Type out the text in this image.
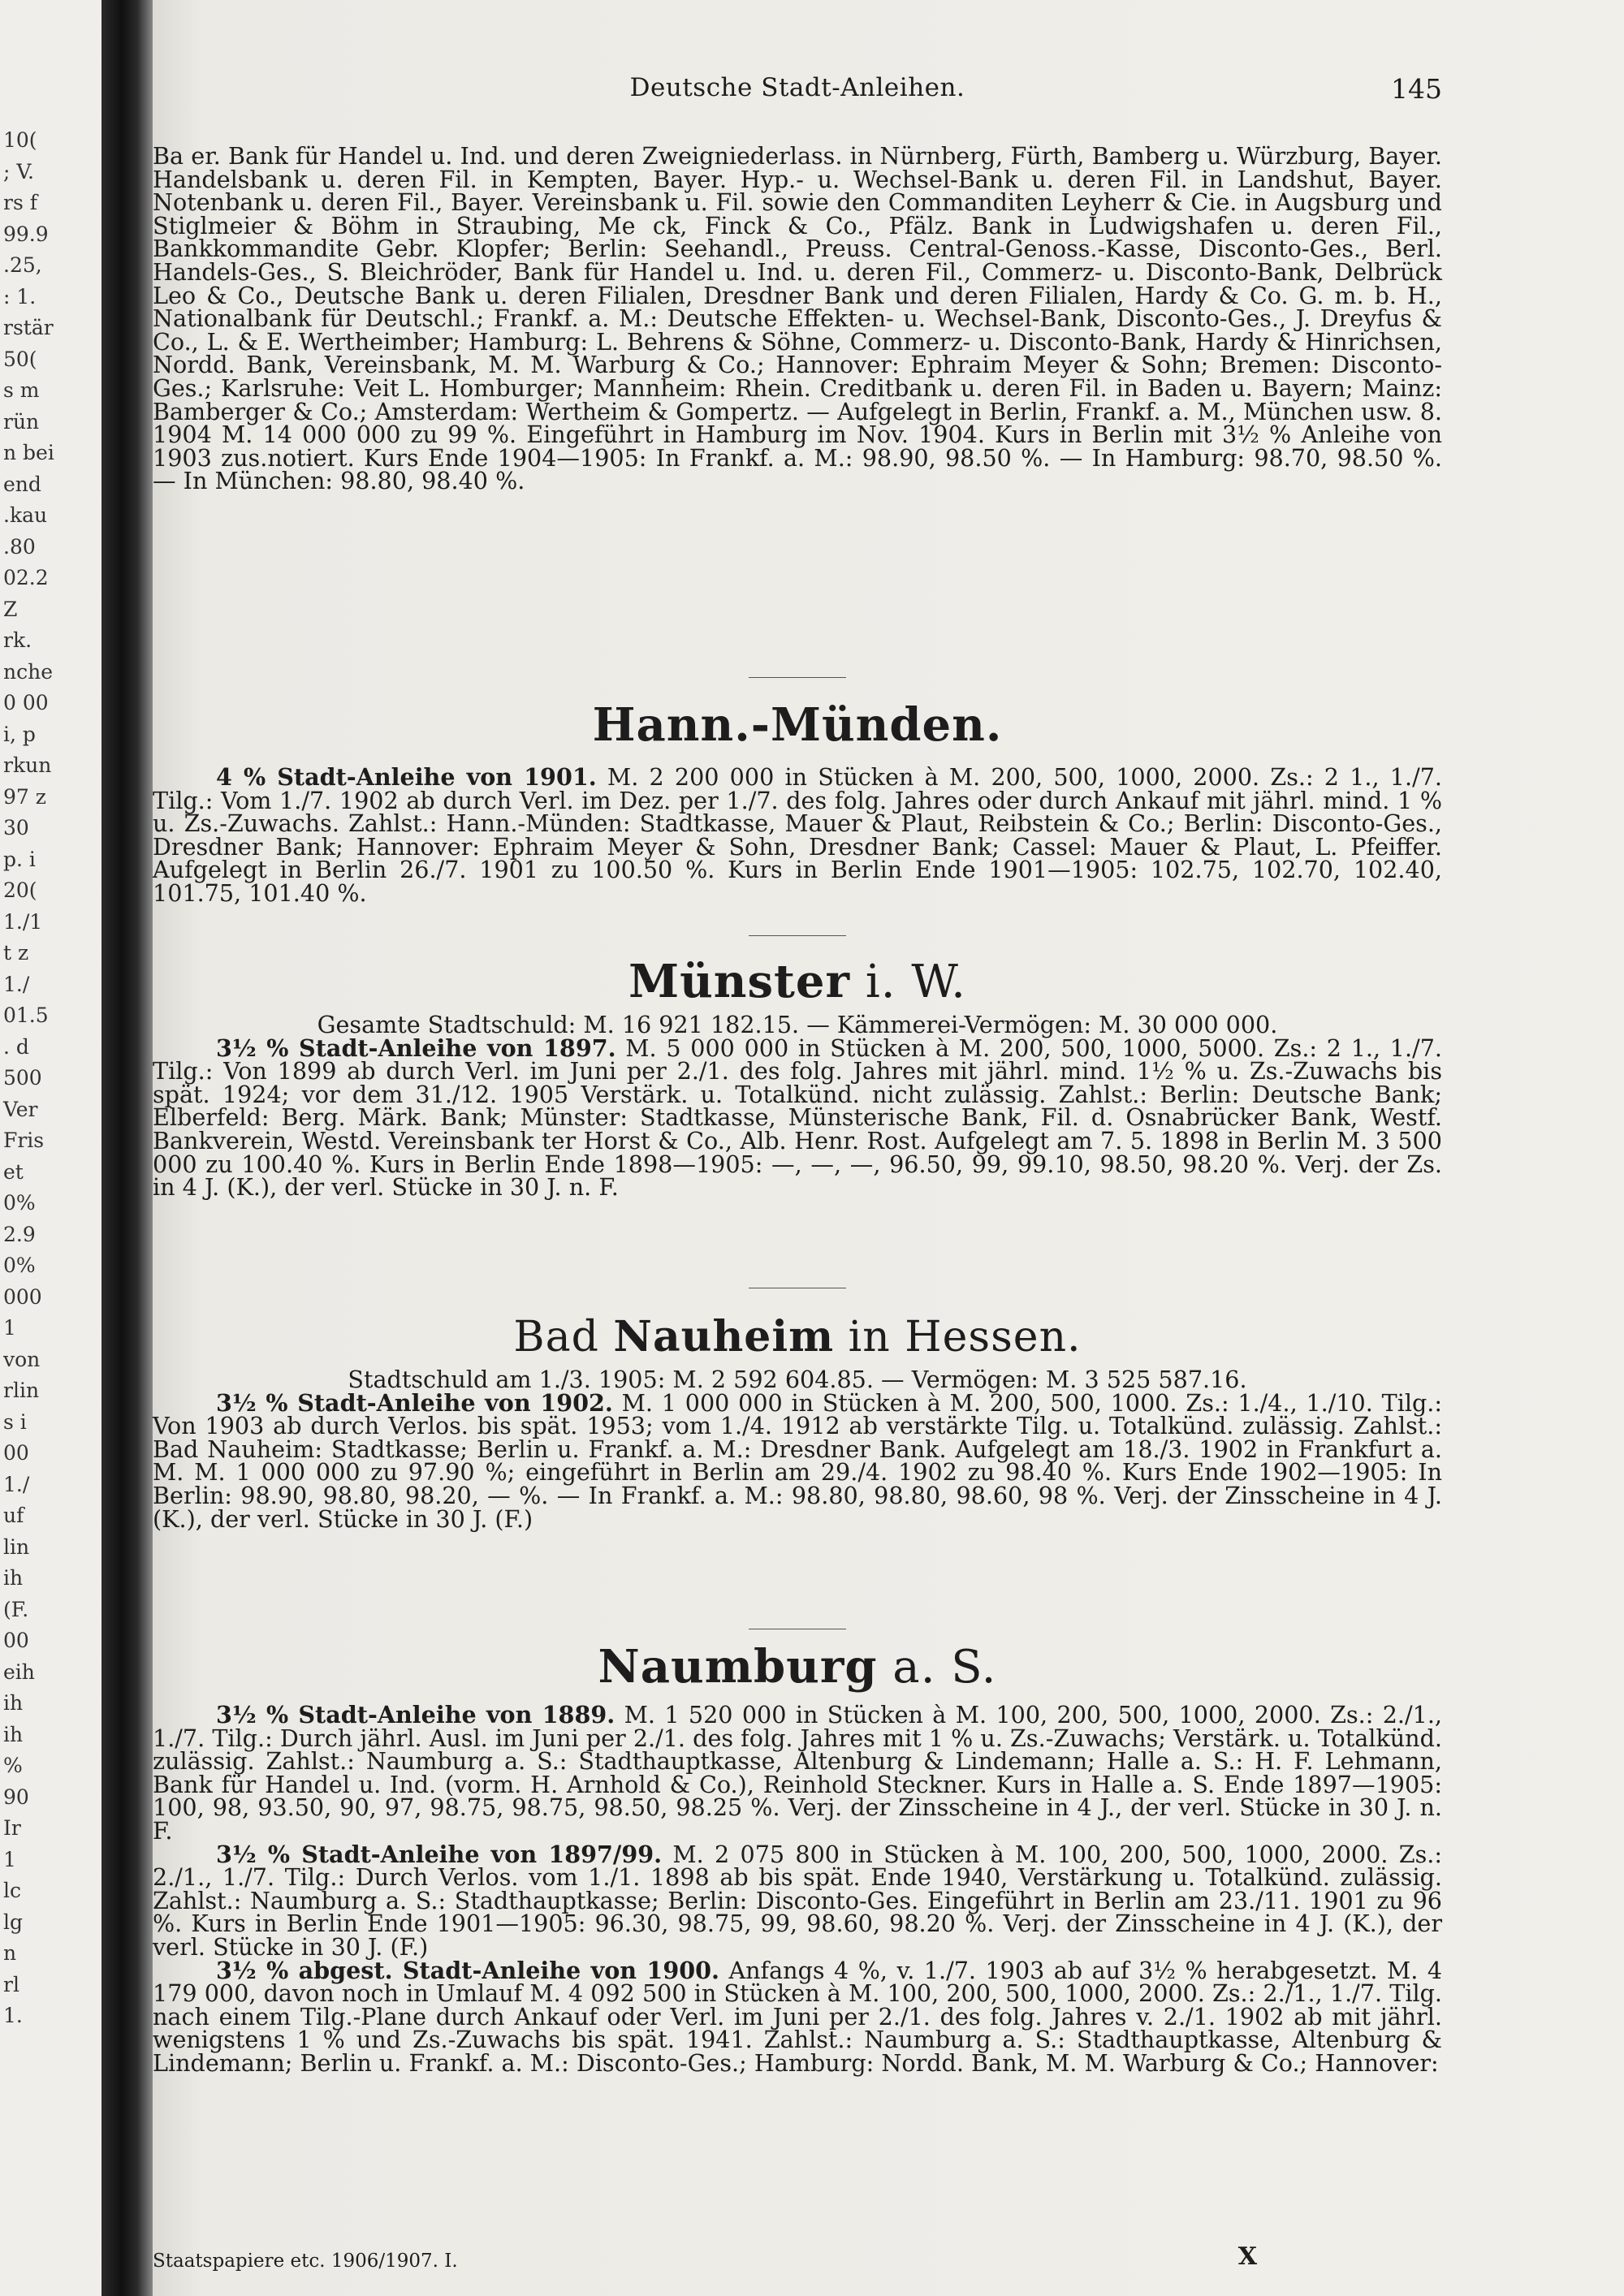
10(
; V.
rs f
99.9
.25,
: 1.
rstär
50(
s m
rün
n bei
end
.kau
.80
02.2
Z
rk.
nche
0 00
i, p
rkun
97 z
30
p. i
20(
1./1
t z
1./
01.5
. d
500
Ver
Fris
et
0%
2.9
0%
000
1
von
rlin
s i
00
1./
uf
lin
ih
(F.
00
eih
ih
ih
%
90
Ir
1
lc
lg
n
rl
1.
Deutsche Stadt-Anleihen.	145

Ba er. Bank für Handel u. Ind. und deren Zweigniederlass. in Nürnberg, Fürth, Bamberg u. Würzburg, Bayer. Handelsbank u. deren Fil. in Kempten, Bayer. Hyp.- u. Wechsel-Bank u. deren Fil. in Landshut, Bayer. Notenbank u. deren Fil., Bayer. Vereinsbank u. Fil. sowie den Commanditen Leyherr & Cie. in Augsburg und Stiglmeier & Böhm in Straubing, Me ck, Finck & Co., Pfälz. Bank in Ludwigshafen u. deren Fil., Bankkommandite Gebr. Klopfer; Berlin: Seehandl., Preuss. Central-Genoss.-Kasse, Disconto-Ges., Berl. Handels-Ges., S. Bleichröder, Bank für Handel u. Ind. u. deren Fil., Commerz- u. Disconto-Bank, Delbrück Leo & Co., Deutsche Bank u. deren Filialen, Dresdner Bank und deren Filialen, Hardy & Co. G. m. b. H., Nationalbank für Deutschl.; Frankf. a. M.: Deutsche Effekten- u. Wechsel-Bank, Disconto-Ges., J. Dreyfus & Co., L. & E. Wertheimber; Hamburg: L. Behrens & Söhne, Commerz- u. Disconto-Bank, Hardy & Hinrichsen, Nordd. Bank, Vereinsbank, M. M. Warburg & Co.; Hannover: Ephraim Meyer & Sohn; Bremen: Disconto-Ges.; Karlsruhe: Veit L. Homburger; Mannheim: Rhein. Creditbank u. deren Fil. in Baden u. Bayern; Mainz: Bamberger & Co.; Amsterdam: Wertheim & Gompertz. — Aufgelegt in Berlin, Frankf. a. M., München usw. 8. 1904 M. 14 000 000 zu 99 %. Eingeführt in Hamburg im Nov. 1904. Kurs in Berlin mit 3½ % Anleihe von 1903 zus.notiert. Kurs Ende 1904—1905: In Frankf. a. M.: 98.90, 98.50 %. — In Hamburg: 98.70, 98.50 %. — In München: 98.80, 98.40 %.

Hann.-Münden.

4 % Stadt-Anleihe von 1901. M. 2 200 000 in Stücken à M. 200, 500, 1000, 2000. Zs.: 2 1., 1./7. Tilg.: Vom 1./7. 1902 ab durch Verl. im Dez. per 1./7. des folg. Jahres oder durch Ankauf mit jährl. mind. 1 % u. Zs.-Zuwachs. Zahlst.: Hann.-Münden: Stadtkasse, Mauer & Plaut, Reibstein & Co.; Berlin: Disconto-Ges., Dresdner Bank; Hannover: Ephraim Meyer & Sohn, Dresdner Bank; Cassel: Mauer & Plaut, L. Pfeiffer. Aufgelegt in Berlin 26./7. 1901 zu 100.50 %. Kurs in Berlin Ende 1901—1905: 102.75, 102.70, 102.40, 101.75, 101.40 %.

Münster i. W.

Gesamte Stadtschuld: M. 16 921 182.15. — Kämmerei-Vermögen: M. 30 000 000.

3½ % Stadt-Anleihe von 1897. M. 5 000 000 in Stücken à M. 200, 500, 1000, 5000. Zs.: 2 1., 1./7. Tilg.: Von 1899 ab durch Verl. im Juni per 2./1. des folg. Jahres mit jährl. mind. 1½ % u. Zs.-Zuwachs bis spät. 1924; vor dem 31./12. 1905 Verstärk. u. Totalkünd. nicht zulässig. Zahlst.: Berlin: Deutsche Bank; Elberfeld: Berg. Märk. Bank; Münster: Stadtkasse, Münsterische Bank, Fil. d. Osnabrücker Bank, Westf. Bankverein, Westd. Vereinsbank ter Horst & Co., Alb. Henr. Rost. Aufgelegt am 7. 5. 1898 in Berlin M. 3 500 000 zu 100.40 %. Kurs in Berlin Ende 1898—1905: —, —, —, 96.50, 99, 99.10, 98.50, 98.20 %. Verj. der Zs. in 4 J. (K.), der verl. Stücke in 30 J. n. F.

Bad Nauheim in Hessen.

Stadtschuld am 1./3. 1905: M. 2 592 604.85. — Vermögen: M. 3 525 587.16.

3½ % Stadt-Anleihe von 1902. M. 1 000 000 in Stücken à M. 200, 500, 1000. Zs.: 1./4., 1./10. Tilg.: Von 1903 ab durch Verlos. bis spät. 1953; vom 1./4. 1912 ab verstärkte Tilg. u. Totalkünd. zulässig. Zahlst.: Bad Nauheim: Stadtkasse; Berlin u. Frankf. a. M.: Dresdner Bank. Aufgelegt am 18./3. 1902 in Frankfurt a. M. M. 1 000 000 zu 97.90 %; eingeführt in Berlin am 29./4. 1902 zu 98.40 %. Kurs Ende 1902—1905: In Berlin: 98.90, 98.80, 98.20, — %. — In Frankf. a. M.: 98.80, 98.80, 98.60, 98 %. Verj. der Zinsscheine in 4 J. (K.), der verl. Stücke in 30 J. (F.)

Naumburg a. S.

3½ % Stadt-Anleihe von 1889. M. 1 520 000 in Stücken à M. 100, 200, 500, 1000, 2000. Zs.: 2./1., 1./7. Tilg.: Durch jährl. Ausl. im Juni per 2./1. des folg. Jahres mit 1 % u. Zs.-Zuwachs; Verstärk. u. Totalkünd. zulässig. Zahlst.: Naumburg a. S.: Stadthauptkasse, Altenburg & Lindemann; Halle a. S.: H. F. Lehmann, Bank für Handel u. Ind. (vorm. H. Arnhold & Co.), Reinhold Steckner. Kurs in Halle a. S. Ende 1897—1905: 100, 98, 93.50, 90, 97, 98.75, 98.75, 98.50, 98.25 %. Verj. der Zinsscheine in 4 J., der verl. Stücke in 30 J. n. F.

3½ % Stadt-Anleihe von 1897/99. M. 2 075 800 in Stücken à M. 100, 200, 500, 1000, 2000. Zs.: 2./1., 1./7. Tilg.: Durch Verlos. vom 1./1. 1898 ab bis spät. Ende 1940, Verstärkung u. Totalkünd. zulässig. Zahlst.: Naumburg a. S.: Stadthauptkasse; Berlin: Disconto-Ges. Eingeführt in Berlin am 23./11. 1901 zu 96 %. Kurs in Berlin Ende 1901—1905: 96.30, 98.75, 99, 98.60, 98.20 %. Verj. der Zinsscheine in 4 J. (K.), der verl. Stücke in 30 J. (F.)

3½ % abgest. Stadt-Anleihe von 1900. Anfangs 4 %, v. 1./7. 1903 ab auf 3½ % herabgesetzt. M. 4 179 000, davon noch in Umlauf M. 4 092 500 in Stücken à M. 100, 200, 500, 1000, 2000. Zs.: 2./1., 1./7. Tilg. nach einem Tilg.-Plane durch Ankauf oder Verl. im Juni per 2./1. des folg. Jahres v. 2./1. 1902 ab mit jährl. wenigstens 1 % und Zs.-Zuwachs bis spät. 1941. Zahlst.: Naumburg a. S.: Stadthauptkasse, Altenburg & Lindemann; Berlin u. Frankf. a. M.: Disconto-Ges.; Hamburg: Nordd. Bank, M. M. Warburg & Co.; Hannover:

Staatspapiere etc. 1906/1907. I.	X
